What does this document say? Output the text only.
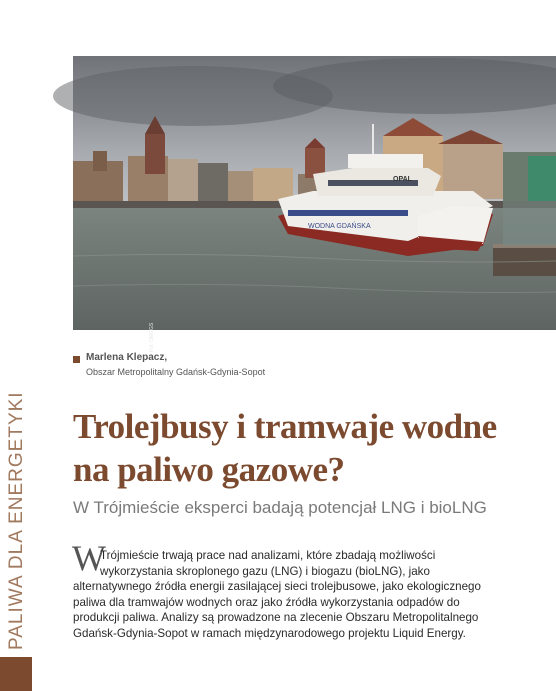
WODNA GDAŃSKA
OPAL
Fot. OMGGS
PALIWA DLA ENERGETYKI
Marlena Klepacz,
Obszar Metropolitalny Gdańsk-Gdynia-Sopot
Trolejbusy i tramwaje wodne
na paliwo gazowe?
W Trójmieście eksperci badają potencjał LNG i bioLNG
W
Trójmieście trwają prace nad analizami, które zbadają możliwości
wykorzystania skroplonego gazu (LNG) i biogazu (bioLNG), jako
alternatywnego źródła energii zasilającej sieci trolejbusowe, jako ekologicznego
paliwa dla tramwajów wodnych oraz jako źródła wykorzystania odpadów do
produkcji paliwa. Analizy są prowadzone na zlecenie Obszaru Metropolitalnego
Gdańsk-Gdynia-Sopot w ramach międzynarodowego projektu Liquid Energy.
